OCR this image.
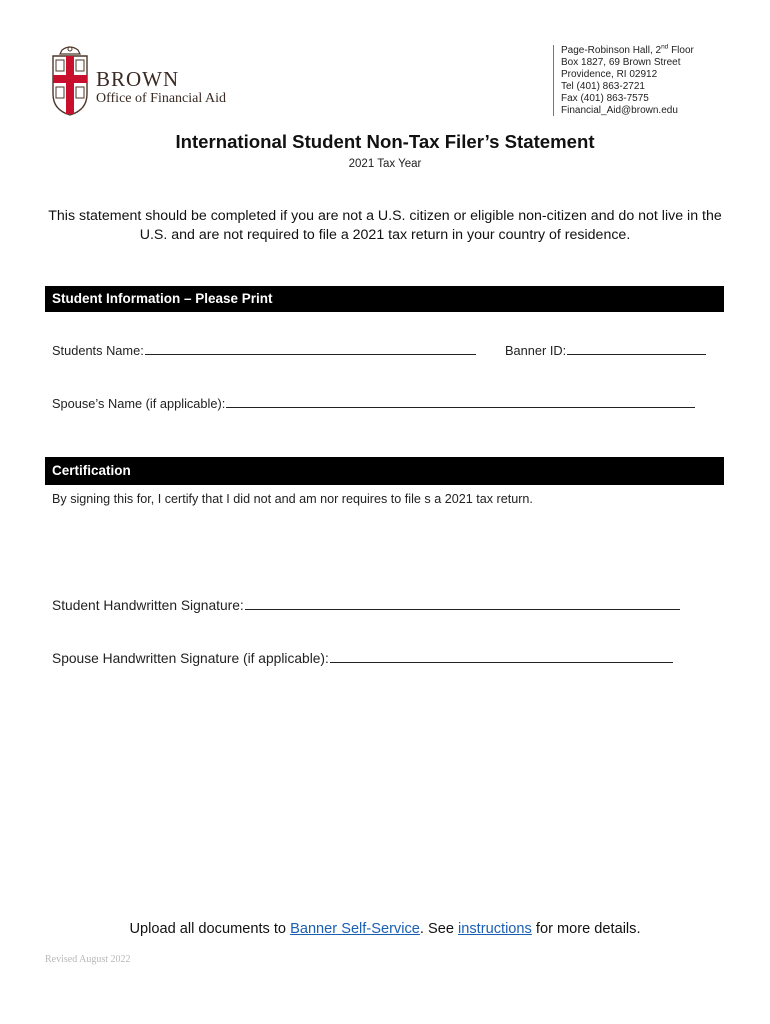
BROWN
Office of Financial Aid
Page-Robinson Hall, 2nd Floor
Box 1827, 69 Brown Street
Providence, RI 02912
Tel (401) 863-2721
Fax (401) 863-7575
Financial_Aid@brown.edu
International Student Non-Tax Filer’s Statement
2021 Tax Year
This statement should be completed if you are not a U.S. citizen or eligible non-citizen and do not live in the U.S. and are not required to file a 2021 tax return in your country of residence.
Student Information – Please Print
Students Name:	Banner ID:
Spouse’s Name (if applicable):
Certification
By signing this for, I certify that I did not and am nor requires to file s a 2021 tax return.
Student Handwritten Signature:
Spouse Handwritten Signature (if applicable):
Upload all documents to Banner Self-Service. See instructions for more details.
Revised August 2022
